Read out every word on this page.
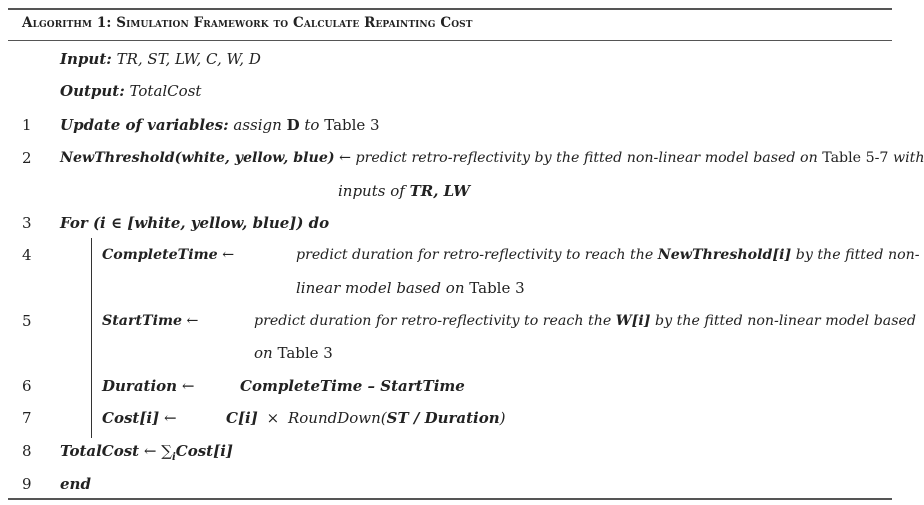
Algorithm 1: Simulation Framework to Calculate Repainting Cost
Input: TR, ST, LW, C, W, D
Output: TotalCost
1 Update of variables: assign D to Table 3
2	NewThreshold(white, yellow, blue) ← predict retro-reflectivity by the fitted non-linear model based on Table 5-7 with
inputs of TR, LW
3 For (i ∈ [white, yellow, blue]) do
4	CompleteTime ←	predict duration for retro-reflectivity to reach the NewThreshold[i] by the fitted non-
linear model based on Table 3
5	StartTime ←	predict duration for retro-reflectivity to reach the W[i] by the fitted non-linear model based
on Table 3
6	Duration ←	CompleteTime – StartTime
7	Cost[i] ←	C[i] × RoundDown(ST / Duration)
8 TotalCost ← $\sum_iCost[i]$
9 end
